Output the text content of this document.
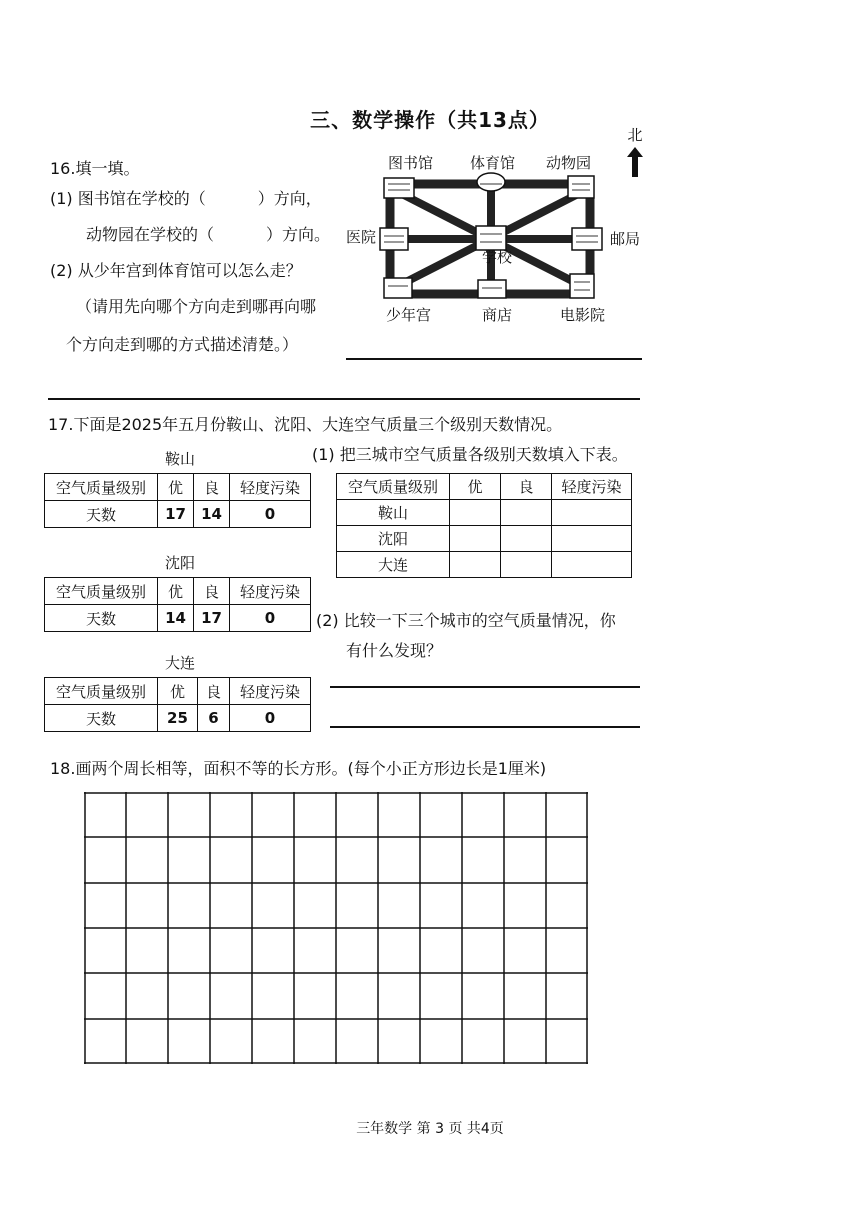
三、数学操作（共13点）
16.填一填。
(1) 图书馆在学校的（	）方向，
动物园在学校的（	）方向。
(2) 从少年宫到体育馆可以怎么走？
（请用先向哪个方向走到哪再向哪
个方向走到哪的方式描述清楚。）
北
图书馆 体育馆 动物园
医院
学校
邮局
少年宫	商店	电影院
17.下面是2025年五月份鞍山、沈阳、大连空气质量三个级别天数情况。
(1) 把三城市空气质量各级别天数填入下表。
鞍山
空气质量级别	优	良	轻度污染
天数	17	14	0
沈阳
空气质量级别	优	良	轻度污染
天数	14	17	0
大连
空气质量级别	优	良	轻度污染
天数	25	6	0
空气质量级别	优	良	轻度污染
鞍山			
沈阳			
大连			
(2) 比较一下三个城市的空气质量情况，你
有什么发现？
18.画两个周长相等，面积不等的长方形。(每个小正方形边长是1厘米)
三年数学 第 3 页 共4页
